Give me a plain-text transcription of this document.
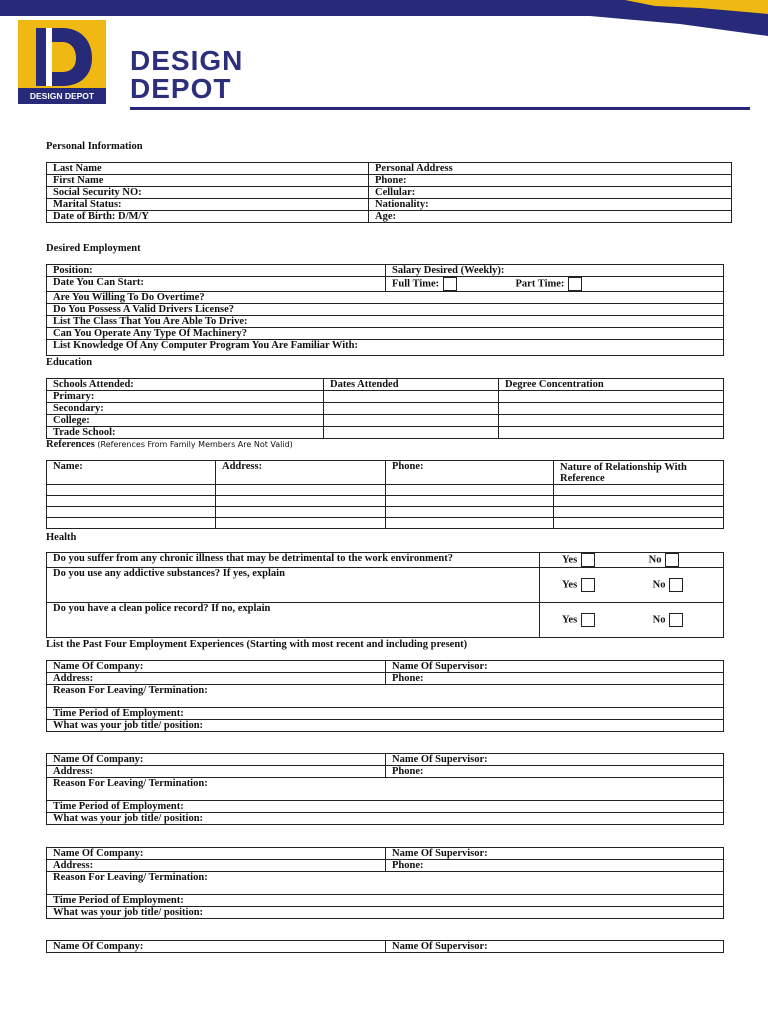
DESIGN DEPOT
DESIGN
DEPOT
Personal Information
Last Name	Personal Address
First Name	Phone:
Social Security NO:	Cellular:
Marital Status:	Nationality:
Date of Birth: D/M/Y	Age:
Desired Employment
Position:	Salary Desired (Weekly):	
Date You Can Start:	Full Time:	Part Time:
Are You Willing To Do Overtime?		
Do You Possess A Valid Drivers License?		
List The Class That You Are Able To Drive:		
Can You Operate Any Type Of Machinery?		
List Knowledge Of Any Computer Program You Are Familiar With:		
Education
Schools Attended:	Dates Attended	Degree Concentration
Primary:		
Secondary:		
College:		
Trade School:		
References (References From Family Members Are Not Valid)
Name:	Address:	Phone:	Nature of Relationship With Reference

Health
Do you suffer from any chronic illness that may be detrimental to the work environment?	Yes No
Do you use any addictive substances? If yes, explain	Yes No
Do you have a clean police record? If no, explain	Yes No
List the Past Four Employment Experiences (Starting with most recent and including present)
Name Of Company:	Name Of Supervisor:
Address:	Phone:
Reason For Leaving/ Termination:	
Time Period of Employment:	
What was your job title/ position:	
Name Of Company:	Name Of Supervisor:
Address:	Phone:
Reason For Leaving/ Termination:	
Time Period of Employment:	
What was your job title/ position:	
Name Of Company:	Name Of Supervisor:
Address:	Phone:
Reason For Leaving/ Termination:	
Time Period of Employment:	
What was your job title/ position:	
Name Of Company:	Name Of Supervisor:
